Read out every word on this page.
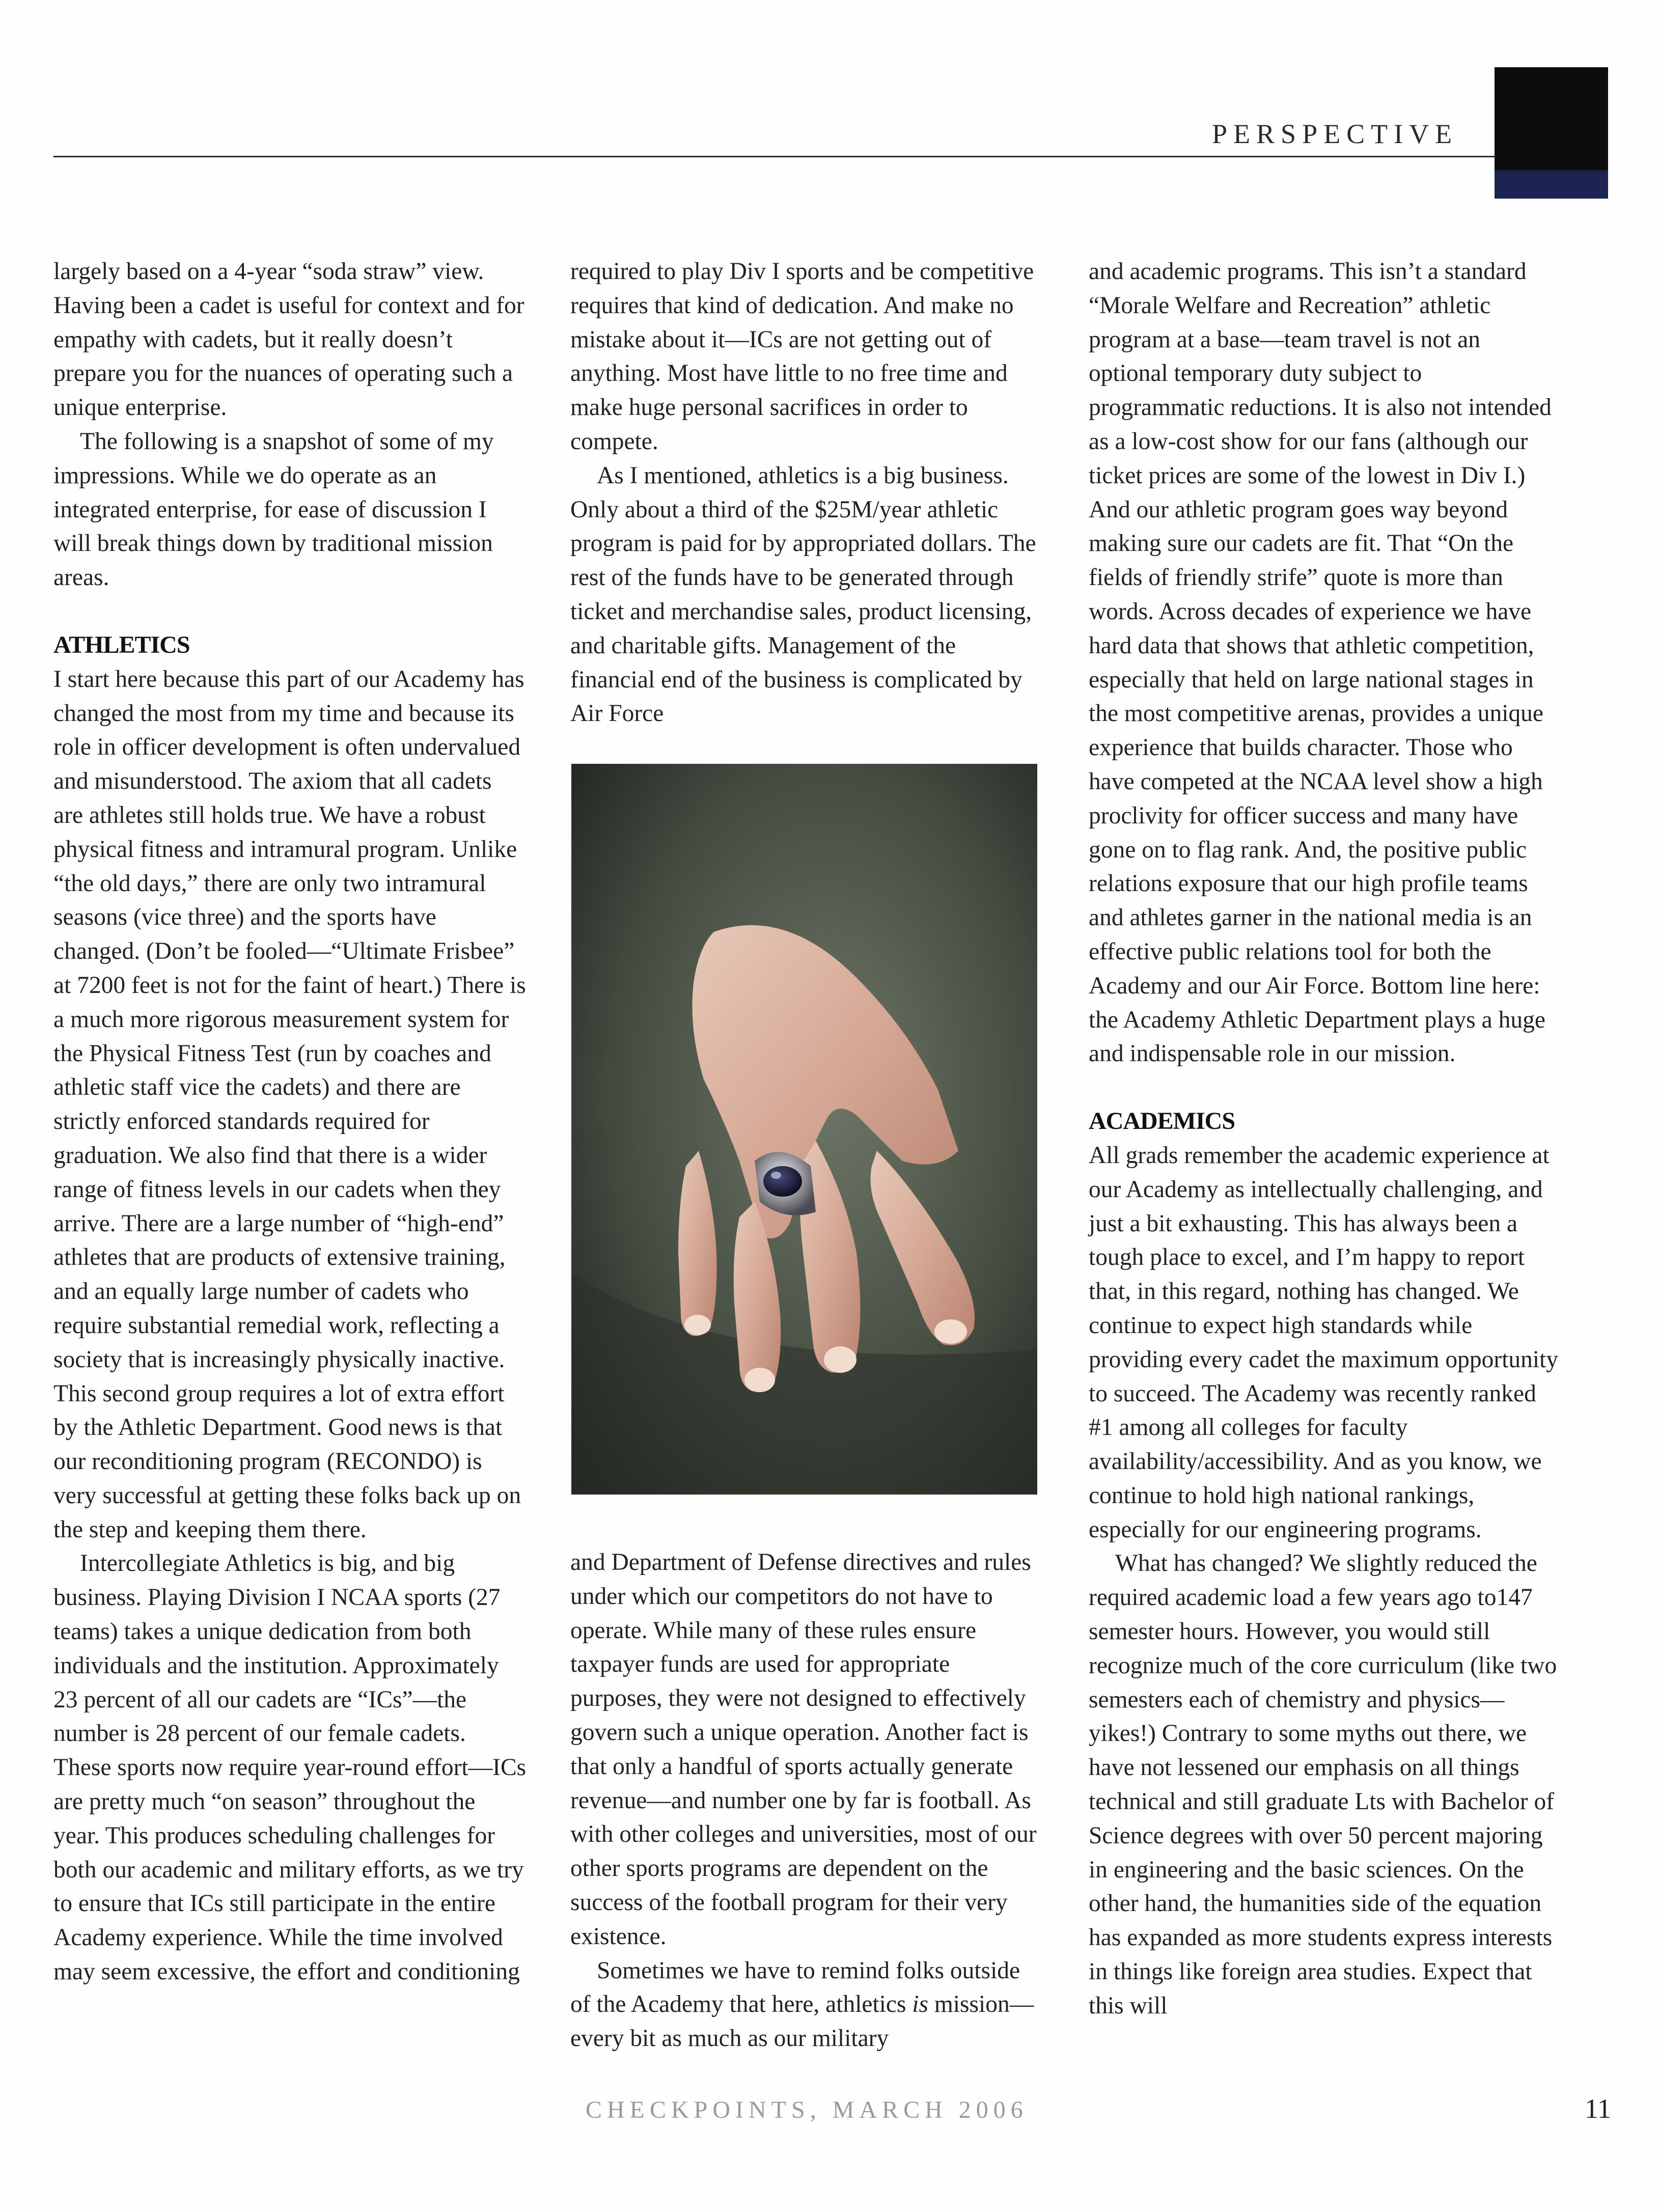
PERSPECTIVE

largely based on a 4-year “soda straw” view. Having been a cadet is useful for context and for empathy with cadets, but it really doesn’t prepare you for the nuances of operating such a unique enterprise.

The following is a snapshot of some of my impressions. While we do operate as an integrated enterprise, for ease of discussion I will break things down by traditional mission areas.

ATHLETICS

I start here because this part of our Academy has changed the most from my time and because its role in officer development is often undervalued and misunderstood. The axiom that all cadets are athletes still holds true. We have a robust physical fitness and intramural program. Unlike “the old days,” there are only two intramural seasons (vice three) and the sports have changed. (Don’t be fooled—“Ultimate Frisbee” at 7200 feet is not for the faint of heart.) There is a much more rigorous measurement system for the Physical Fitness Test (run by coaches and athletic staff vice the cadets) and there are strictly enforced standards required for graduation. We also find that there is a wider range of fitness levels in our cadets when they arrive. There are a large number of “high-end” athletes that are products of extensive training, and an equally large number of cadets who require substantial remedial work, reflecting a society that is increasingly physically inactive. This second group requires a lot of extra effort by the Athletic Department. Good news is that our reconditioning program (RECONDO) is very successful at getting these folks back up on the step and keeping them there.

Intercollegiate Athletics is big, and big business. Playing Division I NCAA sports (27 teams) takes a unique dedication from both individuals and the institution. Approximately 23 percent of all our cadets are “ICs”—the number is 28 percent of our female cadets. These sports now require year-round effort—ICs are pretty much “on season” throughout the year. This produces scheduling challenges for both our academic and military efforts, as we try to ensure that ICs still participate in the entire Academy experience. While the time involved may seem excessive, the effort and conditioning

required to play Div I sports and be competitive requires that kind of dedication. And make no mistake about it—ICs are not getting out of anything. Most have little to no free time and make huge personal sacrifices in order to compete.

As I mentioned, athletics is a big business. Only about a third of the $25M/year athletic program is paid for by appropriated dollars. The rest of the funds have to be generated through ticket and merchandise sales, product licensing, and charitable gifts. Management of the financial end of the business is complicated by Air Force

and Department of Defense directives and rules under which our competitors do not have to operate. While many of these rules ensure taxpayer funds are used for appropriate purposes, they were not designed to effectively govern such a unique operation. Another fact is that only a handful of sports actually generate revenue—and number one by far is football. As with other colleges and universities, most of our other sports programs are dependent on the success of the football program for their very existence.

Sometimes we have to remind folks outside of the Academy that here, athletics is mission—every bit as much as our military

and academic programs. This isn’t a standard “Morale Welfare and Recreation” athletic program at a base—team travel is not an optional temporary duty subject to programmatic reductions. It is also not intended as a low-cost show for our fans (although our ticket prices are some of the lowest in Div I.) And our athletic program goes way beyond making sure our cadets are fit. That “On the fields of friendly strife” quote is more than words. Across decades of experience we have hard data that shows that athletic competition, especially that held on large national stages in the most competitive arenas, provides a unique experience that builds character. Those who have competed at the NCAA level show a high proclivity for officer success and many have gone on to flag rank. And, the positive public relations exposure that our high profile teams and athletes garner in the national media is an effective public relations tool for both the Academy and our Air Force. Bottom line here: the Academy Athletic Department plays a huge and indispensable role in our mission.

ACADEMICS

All grads remember the academic experience at our Academy as intellectually challenging, and just a bit exhausting. This has always been a tough place to excel, and I’m happy to report that, in this regard, nothing has changed. We continue to expect high standards while providing every cadet the maximum opportunity to succeed. The Academy was recently ranked #1 among all colleges for faculty availability/accessibility. And as you know, we continue to hold high national rankings, especially for our engineering programs.

What has changed? We slightly reduced the required academic load a few years ago to147 semester hours. However, you would still recognize much of the core curriculum (like two semesters each of chemistry and physics—yikes!) Contrary to some myths out there, we have not lessened our emphasis on all things technical and still graduate Lts with Bachelor of Science degrees with over 50 percent majoring in engineering and the basic sciences. On the other hand, the humanities side of the equation has expanded as more students express interests in things like foreign area studies. Expect that this will

CHECKPOINTS, MARCH 2006	11
